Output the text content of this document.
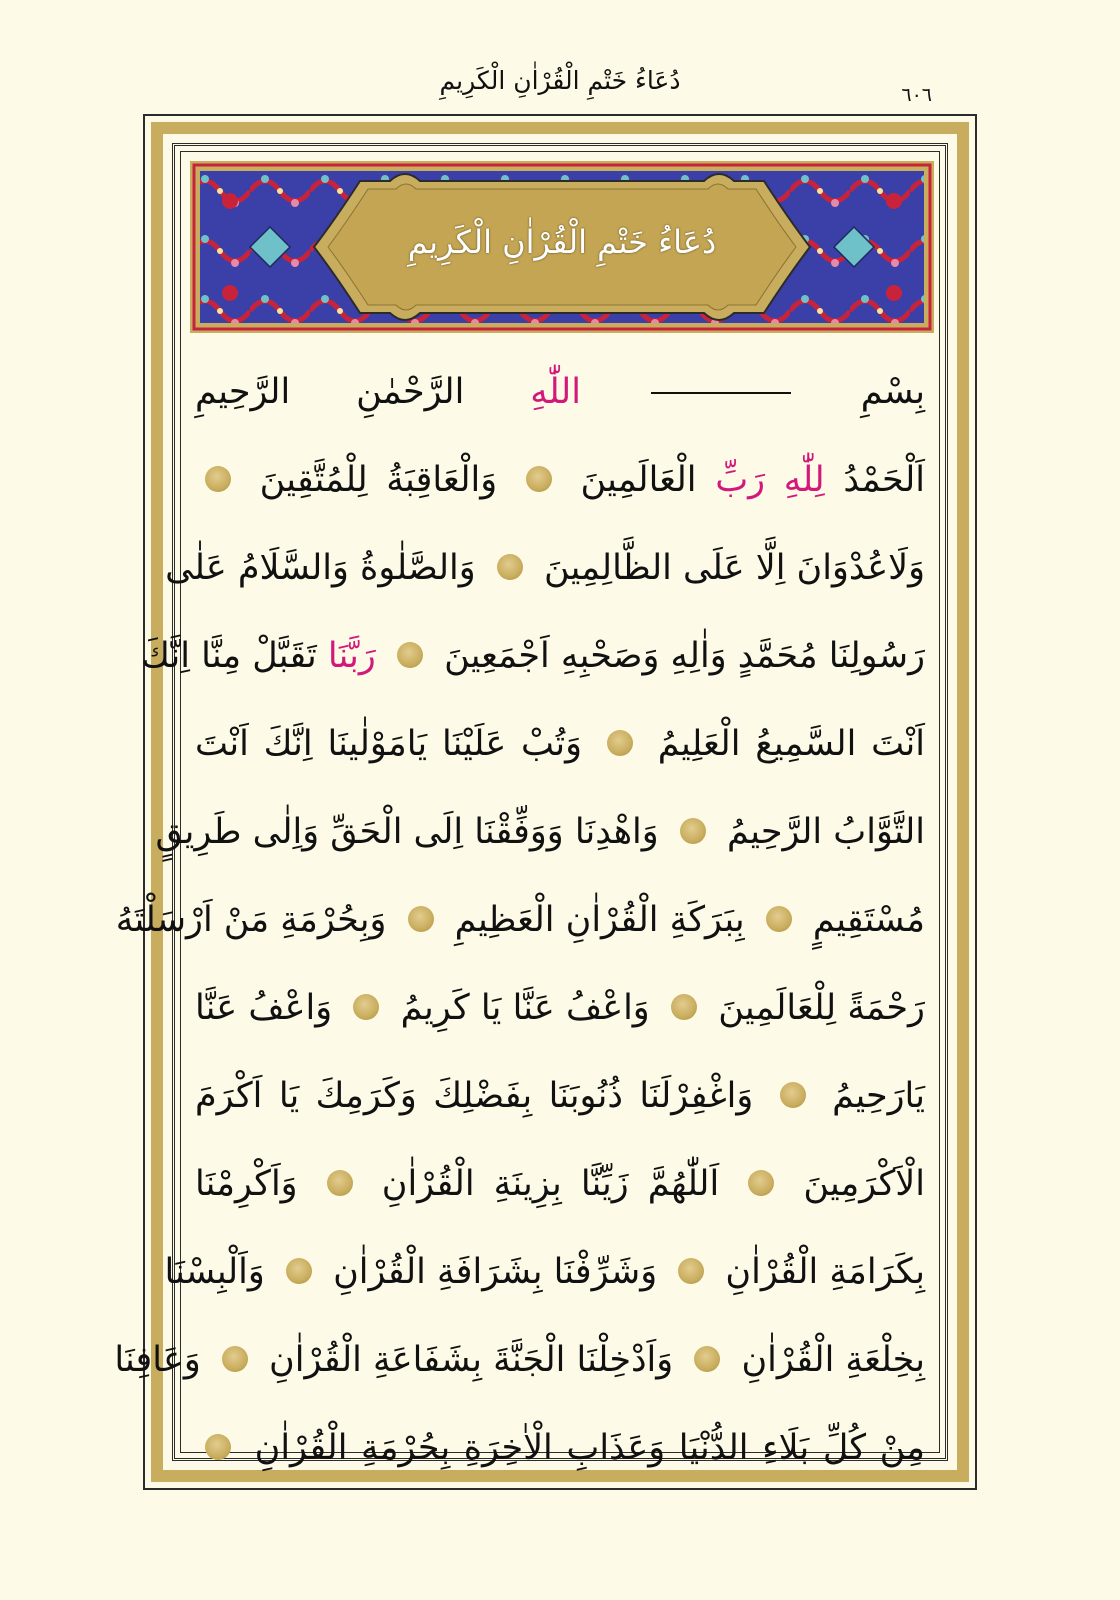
دُعَاءُ خَتْمِ الْقُرْاٰنِ الْكَرِيمِ	٦٠٦
دُعَاءُ خَتْمِ الْقُرْاٰنِ الْكَرِيمِ
بِسْمِ  اللّٰهِ الرَّحْمٰنِ الرَّحِيمِ
اَلْحَمْدُ لِلّٰهِ رَبِّ الْعَالَمِينَ  وَالْعَاقِبَةُ لِلْمُتَّقِينَ
وَلَاعُدْوَانَ اِلَّا عَلَى الظَّالِمِينَ  وَالصَّلٰوةُ وَالسَّلَامُ عَلٰى
رَسُولِنَا مُحَمَّدٍ وَاٰلِهِ وَصَحْبِهِ اَجْمَعِينَ  رَبَّنَا تَقَبَّلْ مِنَّا اِنَّكَ
اَنْتَ السَّمِيعُ الْعَلِيمُ  وَتُبْ عَلَيْنَا يَامَوْلٰينَا اِنَّكَ اَنْتَ
التَّوَّابُ الرَّحِيمُ  وَاهْدِنَا وَوَفِّقْنَا اِلَى الْحَقِّ وَاِلٰى طَرِيقٍ
مُسْتَقِيمٍ  بِبَرَكَةِ الْقُرْاٰنِ الْعَظِيمِ  وَبِحُرْمَةِ مَنْ اَرْسَلْتَهُ
رَحْمَةً لِلْعَالَمِينَ  وَاعْفُ عَنَّا يَا كَرِيمُ  وَاعْفُ عَنَّا
يَارَحِيمُ  وَاغْفِرْلَنَا ذُنُوبَنَا بِفَضْلِكَ وَكَرَمِكَ يَا اَكْرَمَ
الْاَكْرَمِينَ  اَللّٰهُمَّ زَيِّنَّا بِزِينَةِ الْقُرْاٰنِ  وَاَكْرِمْنَا
بِكَرَامَةِ الْقُرْاٰنِ  وَشَرِّفْنَا بِشَرَافَةِ الْقُرْاٰنِ  وَاَلْبِسْنَا
بِخِلْعَةِ الْقُرْاٰنِ  وَاَدْخِلْنَا الْجَنَّةَ بِشَفَاعَةِ الْقُرْاٰنِ  وَعَافِنَا
مِنْ كُلِّ بَلَاءِ الدُّنْيَا وَعَذَابِ الْاٰخِرَةِ بِحُرْمَةِ الْقُرْاٰنِ
